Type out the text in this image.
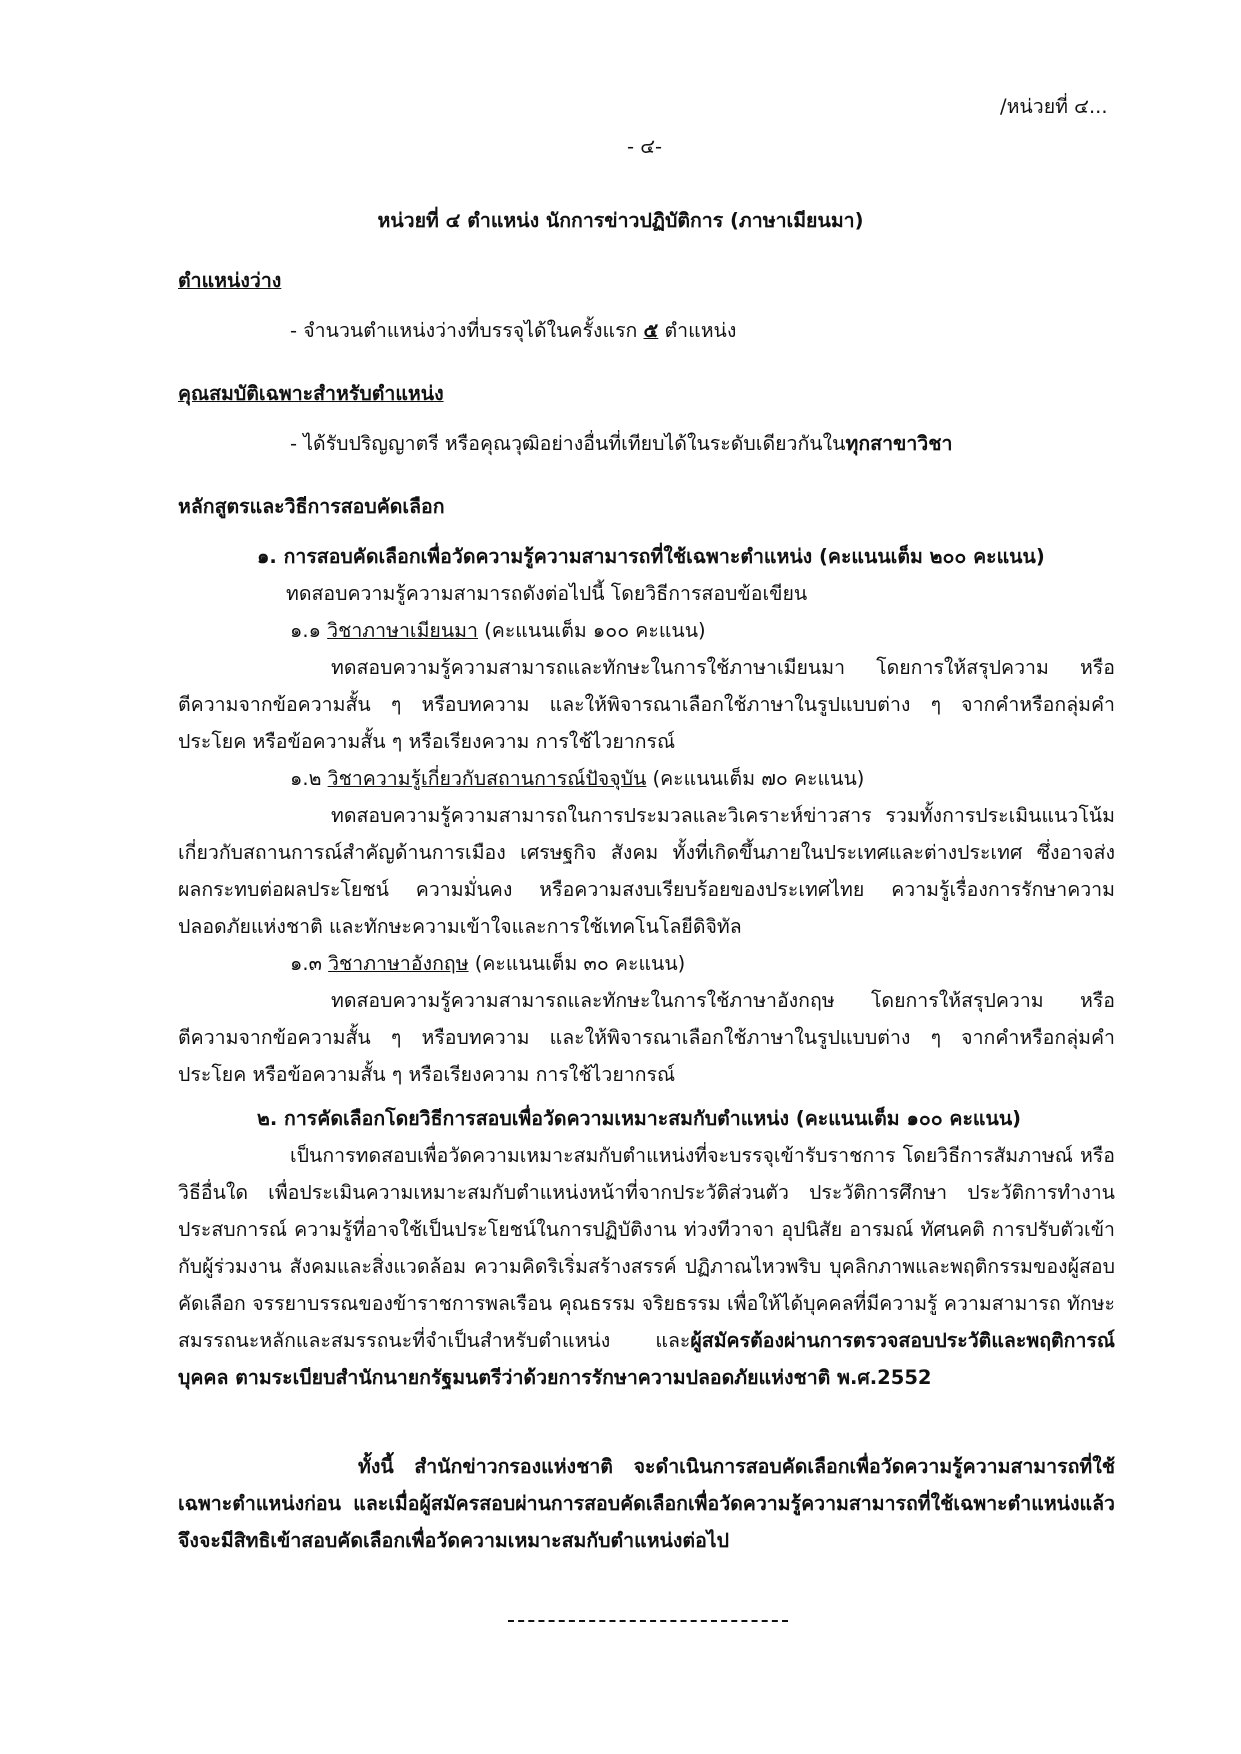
/หน่วยที่ ๔...
- ๔-
หน่วยที่ ๔ ตำแหน่ง นักการข่าวปฏิบัติการ (ภาษาเมียนมา)
ตำแหน่งว่าง
- จำนวนตำแหน่งว่างที่บรรจุได้ในครั้งแรก ๕ ตำแหน่ง
คุณสมบัติเฉพาะสำหรับตำแหน่ง
- ได้รับปริญญาตรี หรือคุณวุฒิอย่างอื่นที่เทียบได้ในระดับเดียวกันในทุกสาขาวิชา
หลักสูตรและวิธีการสอบคัดเลือก
๑. การสอบคัดเลือกเพื่อวัดความรู้ความสามารถที่ใช้เฉพาะตำแหน่ง (คะแนนเต็ม ๒๐๐ คะแนน)
ทดสอบความรู้ความสามารถดังต่อไปนี้ โดยวิธีการสอบข้อเขียน
๑.๑ วิชาภาษาเมียนมา (คะแนนเต็ม ๑๐๐ คะแนน)
ทดสอบความรู้ความสามารถและทักษะในการใช้ภาษาเมียนมา โดยการให้สรุปความ หรือตีความจากข้อความสั้น ๆ หรือบทความ และให้พิจารณาเลือกใช้ภาษาในรูปแบบต่าง ๆ จากคำหรือกลุ่มคำ ประโยค หรือข้อความสั้น ๆ หรือเรียงความ การใช้ไวยากรณ์
๑.๒ วิชาความรู้เกี่ยวกับสถานการณ์ปัจจุบัน (คะแนนเต็ม ๗๐ คะแนน)
ทดสอบความรู้ความสามารถในการประมวลและวิเคราะห์ข่าวสาร รวมทั้งการประเมินแนวโน้มเกี่ยวกับสถานการณ์สำคัญด้านการเมือง เศรษฐกิจ สังคม ทั้งที่เกิดขึ้นภายในประเทศและต่างประเทศ ซึ่งอาจส่งผลกระทบต่อผลประโยชน์ ความมั่นคง หรือความสงบเรียบร้อยของประเทศไทย ความรู้เรื่องการรักษาความปลอดภัยแห่งชาติ และทักษะความเข้าใจและการใช้เทคโนโลยีดิจิทัล
๑.๓ วิชาภาษาอังกฤษ (คะแนนเต็ม ๓๐ คะแนน)
ทดสอบความรู้ความสามารถและทักษะในการใช้ภาษาอังกฤษ โดยการให้สรุปความ หรือตีความจากข้อความสั้น ๆ หรือบทความ และให้พิจารณาเลือกใช้ภาษาในรูปแบบต่าง ๆ จากคำหรือกลุ่มคำ ประโยค หรือข้อความสั้น ๆ หรือเรียงความ การใช้ไวยากรณ์
๒. การคัดเลือกโดยวิธีการสอบเพื่อวัดความเหมาะสมกับตำแหน่ง (คะแนนเต็ม ๑๐๐ คะแนน)
เป็นการทดสอบเพื่อวัดความเหมาะสมกับตำแหน่งที่จะบรรจุเข้ารับราชการ โดยวิธีการสัมภาษณ์ หรือวิธีอื่นใด เพื่อประเมินความเหมาะสมกับตำแหน่งหน้าที่จากประวัติส่วนตัว ประวัติการศึกษา ประวัติการทำงาน ประสบการณ์ ความรู้ที่อาจใช้เป็นประโยชน์ในการปฏิบัติงาน ท่วงทีวาจา อุปนิสัย อารมณ์ ทัศนคติ การปรับตัวเข้ากับผู้ร่วมงาน สังคมและสิ่งแวดล้อม ความคิดริเริ่มสร้างสรรค์ ปฏิภาณไหวพริบ บุคลิกภาพและพฤติกรรมของผู้สอบคัดเลือก จรรยาบรรณของข้าราชการพลเรือน คุณธรรม จริยธรรม เพื่อให้ได้บุคคลที่มีความรู้ ความสามารถ ทักษะ สมรรถนะหลักและสมรรถนะที่จำเป็นสำหรับตำแหน่ง และผู้สมัครต้องผ่านการตรวจสอบประวัติและพฤติการณ์บุคคล ตามระเบียบสำนักนายกรัฐมนตรีว่าด้วยการรักษาความปลอดภัยแห่งชาติ พ.ศ.2552
ทั้งนี้ สำนักข่าวกรองแห่งชาติ จะดำเนินการสอบคัดเลือกเพื่อวัดความรู้ความสามารถที่ใช้เฉพาะตำแหน่งก่อน และเมื่อผู้สมัครสอบผ่านการสอบคัดเลือกเพื่อวัดความรู้ความสามารถที่ใช้เฉพาะตำแหน่งแล้ว จึงจะมีสิทธิเข้าสอบคัดเลือกเพื่อวัดความเหมาะสมกับตำแหน่งต่อไป
